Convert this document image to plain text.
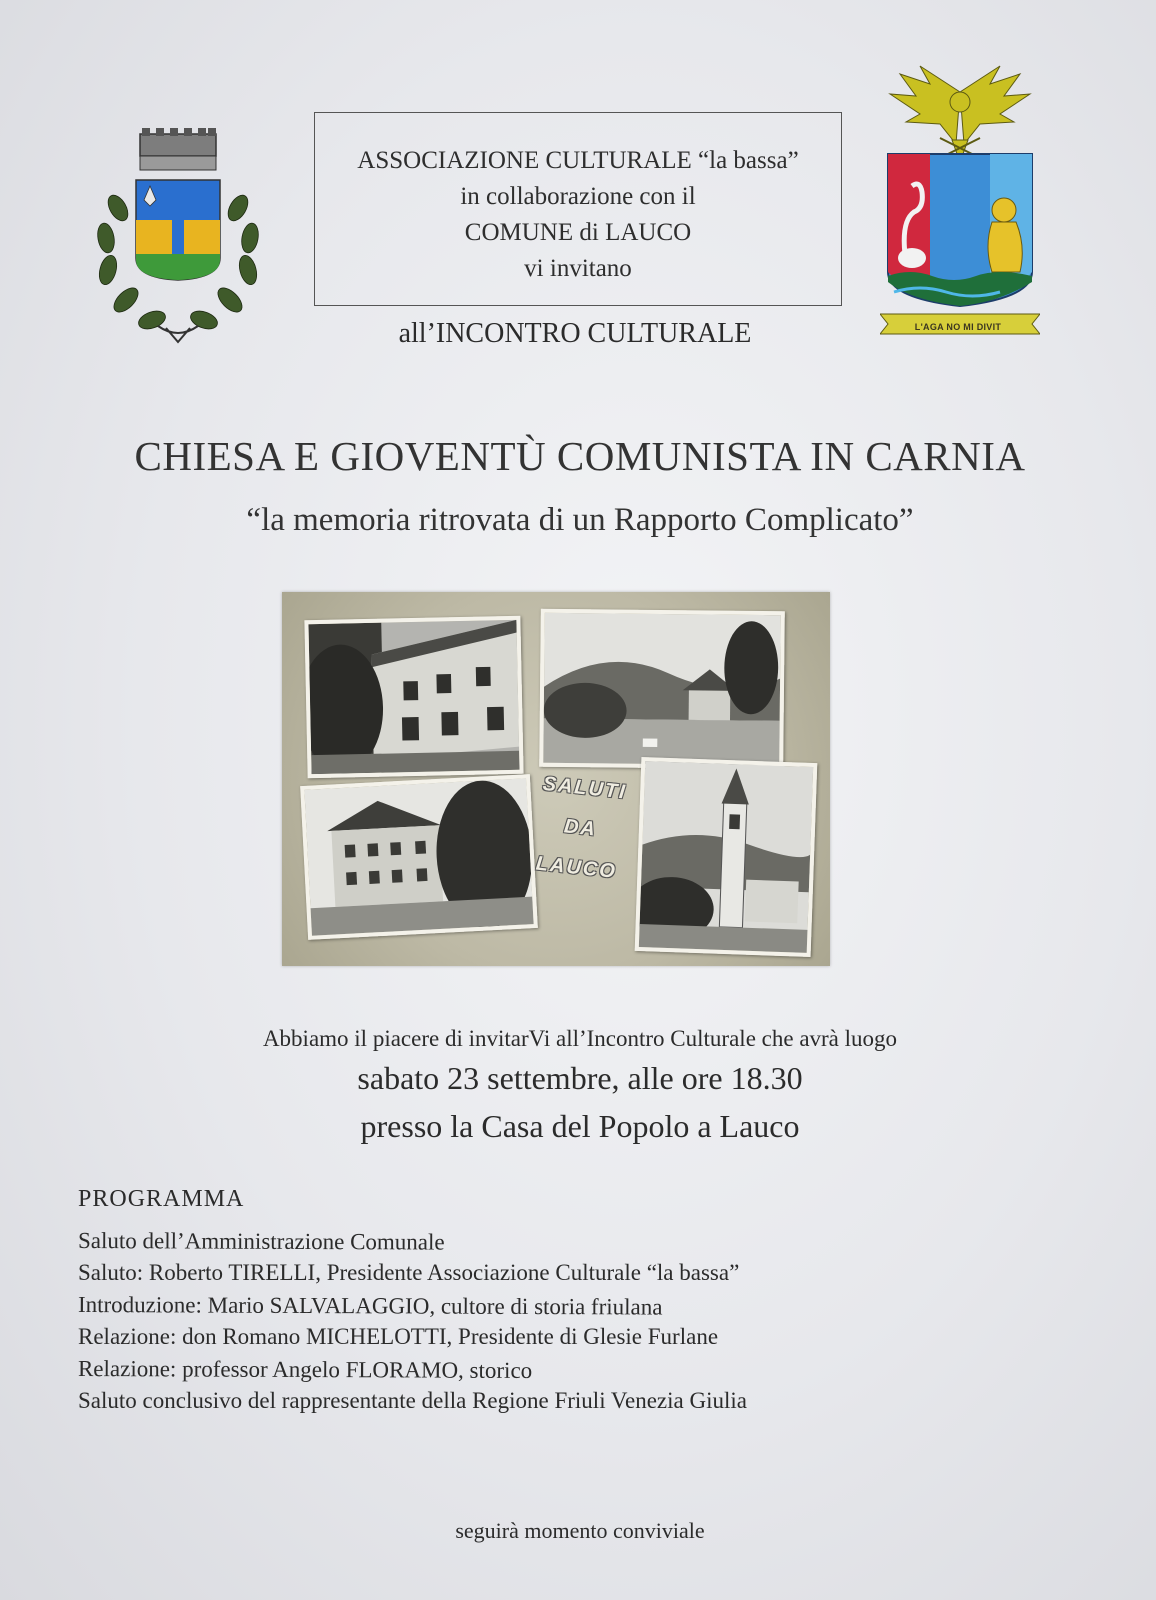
ASSOCIAZIONE CULTURALE “la bassa”
in collaborazione con il
COMUNE di LAUCO
vi invitano
all’INCONTRO CULTURALE	L'AGA NO MI DIVIT
CHIESA E GIOVENTÙ COMUNISTA IN CARNIA
“la memoria ritrovata di un Rapporto Complicato”
SALUTI
DA
LAUCO
Abbiamo il piacere di invitarVi all’Incontro Culturale che avrà luogo
sabato 23 settembre, alle ore 18.30
presso la Casa del Popolo a Lauco
PROGRAMMA
Saluto dell’Amministrazione Comunale
Saluto: Roberto TIRELLI, Presidente Associazione Culturale “la bassa”
Introduzione: Mario SALVALAGGIO, cultore di storia friulana
Relazione: don Romano MICHELOTTI, Presidente di Glesie Furlane
Relazione: professor Angelo FLORAMO, storico
Saluto conclusivo del rappresentante della Regione Friuli Venezia Giulia
seguirà momento conviviale
